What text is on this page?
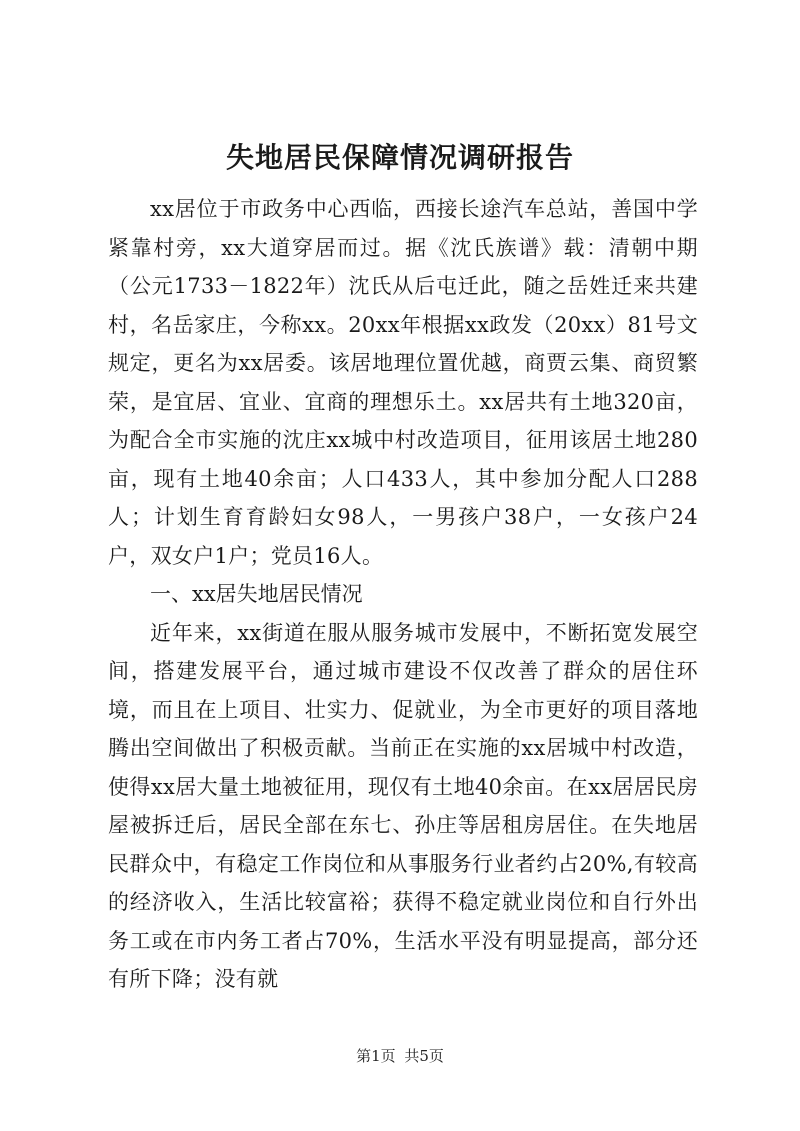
失地居民保障情况调研报告

xx居位于市政务中心西临，西接长途汽车总站，善国中学紧靠村旁，xx大道穿居而过。据《沈氏族谱》载：清朝中期（公元1733－1822年）沈氏从后屯迁此，随之岳姓迁来共建村，名岳家庄，今称xx。20xx年根据xx政发（20xx）81号文规定，更名为xx居委。该居地理位置优越，商贾云集、商贸繁荣，是宜居、宜业、宜商的理想乐土。xx居共有土地320亩，为配合全市实施的沈庄xx城中村改造项目，征用该居土地280亩，现有土地40余亩；人口433人，其中参加分配人口288人；计划生育育龄妇女98人，一男孩户38户，一女孩户24户，双女户1户；党员16人。

一、xx居失地居民情况

近年来，xx街道在服从服务城市发展中，不断拓宽发展空间，搭建发展平台，通过城市建设不仅改善了群众的居住环境，而且在上项目、壮实力、促就业，为全市更好的项目落地腾出空间做出了积极贡献。当前正在实施的xx居城中村改造，使得xx居大量土地被征用，现仅有土地40余亩。在xx居居民房屋被拆迁后，居民全部在东七、孙庄等居租房居住。在失地居民群众中，有稳定工作岗位和从事服务行业者约占20%,有较高的经济收入，生活比较富裕；获得不稳定就业岗位和自行外出务工或在市内务工者占70%，生活水平没有明显提高，部分还有所下降；没有就

第1页 共5页
